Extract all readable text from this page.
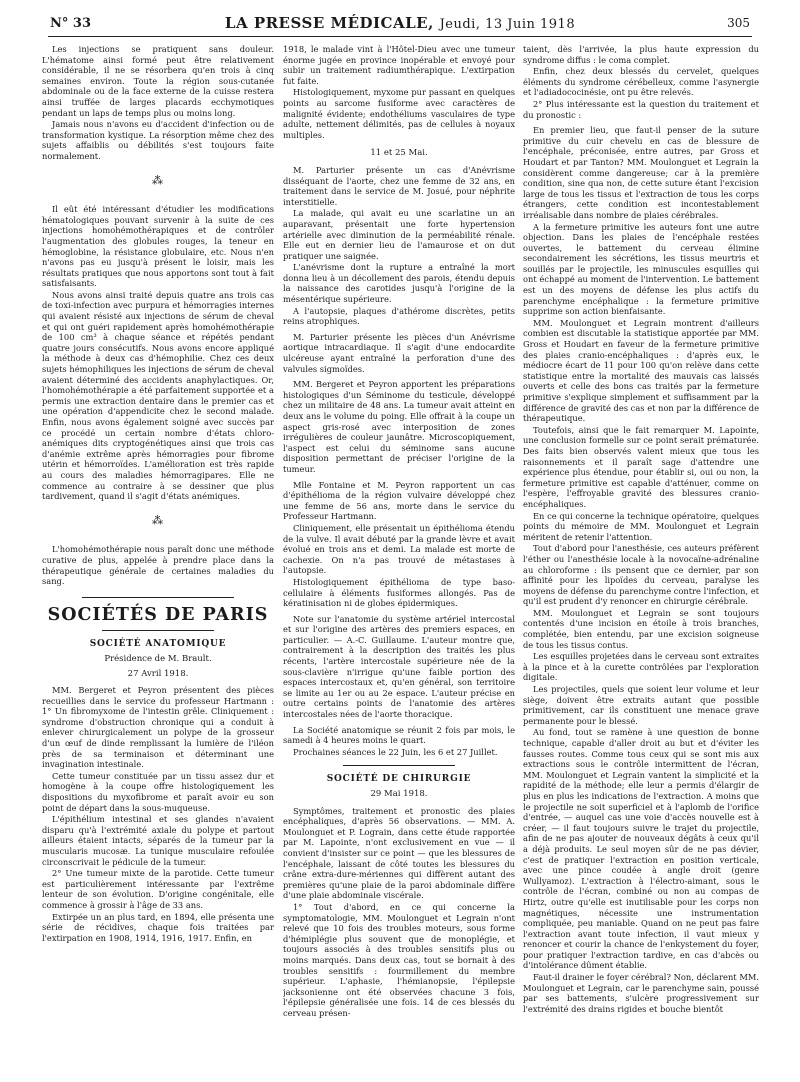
N° 33	LA PRESSE MÉDICALE, Jeudi, 13 Juin 1918	305

Les injections se pratiquent sans douleur. L'hématome ainsi formé peut être relativement considérable, il ne se résorbera qu'en trois à cinq semaines environ. Toute la région sous-cutanée abdominale ou de la face externe de la cuisse restera ainsi truffée de larges placards ecchymotiques pendant un laps de temps plus ou moins long.

Jamais nous n'avons eu d'accident d'infection ou de transformation kystique. La résorption même chez des sujets affaiblis ou débilités s'est toujours faite normalement.

⁂

Il eût été intéressant d'étudier les modifications hématologiques pouvant survenir à la suite de ces injections homohémothérapiques et de contrôler l'augmentation des globules rouges, la teneur en hémoglobine, la résistance globulaire, etc. Nous n'en n'avons pas eu jusqu'à présent le loisir, mais les résultats pratiques que nous apportons sont tout à fait satisfaisants.

Nous avons ainsi traité depuis quatre ans trois cas de toxi-infection avec purpura et hémorragies internes qui avaient résisté aux injections de sérum de cheval et qui ont guéri rapidement après homohémothérapie de 100 cm³ à chaque séance et répétés pendant quatre jours consécutifs. Nous avons encore appliqué la méthode à deux cas d'hémophilie. Chez ces deux sujets hémophiliques les injections de sérum de cheval avaient déterminé des accidents anaphylactiques. Or, l'homohémothérapie a été parfaitement supportée et a permis une extraction dentaire dans le premier cas et une opération d'appendicite chez le second malade. Enfin, nous avons également soigné avec succès par ce procédé un certain nombre d'états chloro-anémiques dits cryptogénétiques ainsi que trois cas d'anémie extrême après hémorragies pour fibrome utérin et hémorroïdes. L'amélioration est très rapide au cours des maladies hémorragipares. Elle ne commence au contraire à se dessiner que plus tardivement, quand il s'agit d'états anémiques.

⁂

L'homohémothérapie nous paraît donc une méthode curative de plus, appelée à prendre place dans la thérapeutique générale de certaines maladies du sang.

SOCIÉTÉS DE PARIS
SOCIÉTÉ ANATOMIQUE
Présidence de M. Brault.
27 Avril 1918.

MM. Bergeret et Peyron présentent des pièces recueillies dans le service du professeur Hartmann : 1° Un fibromyxome de l'intestin grêle. Cliniquement : syndrome d'obstruction chronique qui a conduit à enlever chirurgicalement un polype de la grosseur d'un œuf de dinde remplissant la lumière de l'iléon près de sa terminaison et déterminant une invagination intestinale.

Cette tumeur constituée par un tissu assez dur et homogène à la coupe offre histologiquement les dispositions du myxofibrome et paraît avoir eu son point de départ dans la sous-muqueuse.

L'épithélium intestinal et ses glandes n'avaient disparu qu'à l'extrémité axiale du polype et partout ailleurs étaient intacts, séparés de la tumeur par la muscularis mucosæ. La tunique musculaire refoulée circonscrivait le pédicule de la tumeur.

2° Une tumeur mixte de la parotide. Cette tumeur est particulièrement intéressante par l'extrême lenteur de son évolution. D'origine congénitale, elle commence à grossir à l'âge de 33 ans.

Extirpée un an plus tard, en 1894, elle présenta une série de récidives, chaque fois traitées par l'extirpation en 1908, 1914, 1916, 1917. Enfin, en

1918, le malade vint à l'Hôtel-Dieu avec une tumeur énorme jugée en province inopérable et envoyé pour subir un traitement radiumthérapique. L'extirpation fut faite.

Histologiquement, myxome pur passant en quelques points au sarcome fusiforme avec caractères de malignité évidente; endothéliums vasculaires de type adulte, nettement délimités, pas de cellules à noyaux multiples.

11 et 25 Mai.

M. Parturier présente un cas d'Anévrisme disséquant de l'aorte, chez une femme de 32 ans, en traitement dans le service de M. Josué, pour néphrite interstitielle.

La malade, qui avait eu une scarlatine un an auparavant, présentait une forte hypertension artérielle avec diminution de la perméabilité rénale. Elle eut en dernier lieu de l'amaurose et on dut pratiquer une saignée.

L'anévrisme dont la rupture a entraîné la mort donna lieu à un décollement des parois, étendu depuis la naissance des carotides jusqu'à l'origine de la mésentérique supérieure.

A l'autopsie, plaques d'athérome discrètes, petits reins atrophiques.

M. Parturier présente les pièces d'un Anévrisme aortique intracardiaque. Il s'agit d'une endocardite ulcéreuse ayant entraîné la perforation d'une des valvules sigmoïdes.

MM. Bergeret et Peyron apportent les préparations histologiques d'un Séminome du testicule, développé chez un militaire de 48 ans. La tumeur avait atteint en deux ans le volume du poing. Elle offrait à la coupe un aspect gris-rosé avec interposition de zones irrégulières de couleur jaunâtre. Microscopiquement, l'aspect est celui du séminome sans aucune disposition permettant de préciser l'origine de la tumeur.

Mlle Fontaine et M. Peyron rapportent un cas d'épithélioma de la région vulvaire développé chez une femme de 56 ans, morte dans le service du Professeur Hartmann.

Cliniquement, elle présentait un épithélioma étendu de la vulve. Il avait débuté par la grande lèvre et avait évolué en trois ans et demi. La malade est morte de cachexie. On n'a pas trouvé de métastases à l'autopsie.

Histologiquement épithélioma de type baso-cellulaire à éléments fusiformes allongés. Pas de kératinisation ni de globes épidermiques.

Note sur l'anatomie du système artériel intercostal et sur l'origine des artères des premiers espaces, en particulier. — A.-C. Guillaume. L'auteur montre que, contrairement à la description des traités les plus récents, l'artère intercostale supérieure née de la sous-clavière n'irrigue qu'une faible portion des espaces intercostaux et, qu'en général, son territoire se limite au 1er ou au 2e espace. L'auteur précise en outre certains points de l'anatomie des artères intercostales nées de l'aorte thoracique.

La Société anatomique se réunit 2 fois par mois, le samedi à 4 heures moins le quart.

Prochaines séances le 22 Juin, les 6 et 27 Juillet.

SOCIÉTÉ DE CHIRURGIE
29 Mai 1918.

Symptômes, traitement et pronostic des plaies encéphaliques, d'après 56 observations. — MM. A. Moulonguet et P. Lograin, dans cette étude rapportée par M. Lapointe, n'ont exclusivement en vue — il convient d'insister sur ce point — que les blessures de l'encéphale, laissant de côté toutes les blessures du crâne extra-dure-mériennes qui diffèrent autant des premières qu'une plaie de la paroi abdominale diffère d'une plaie abdominale viscérale.

1° Tout d'abord, en ce qui concerne la symptomatologie, MM. Moulonguet et Legrain n'ont relevé que 10 fois des troubles moteurs, sous forme d'hémiplégie plus souvent que de monoplégie, et toujours associés à des troubles sensitifs plus ou moins marqués. Dans deux cas, tout se bornait à des troubles sensitifs : fourmillement du membre supérieur. L'aphasie, l'hémianopsie, l'épilepsie jacksonienne ont été observées chacune 3 fois, l'épilepsie généralisée une fois. 14 de ces blessés du cerveau présen-

taient, dès l'arrivée, la plus haute expression du syndrome diffus : le coma complet.

Enfin, chez deux blessés du cervelet, quelques éléments du syndrome cérébelleux, comme l'asynergie et l'adiadococinésie, ont pu être relevés.

2° Plus intéressante est la question du traitement et du pronostic :

En premier lieu, que faut-il penser de la suture primitive du cuir chevelu en cas de blessure de l'encéphale, préconisée, entre autres, par Gross et Houdart et par Tanton? MM. Moulonguet et Legrain la considèrent comme dangereuse; car à la première condition, sine qua non, de cette suture étant l'excision large de tous les tissus et l'extraction de tous les corps étrangers, cette condition est incontestablement irréalisable dans nombre de plaies cérébrales.

A la fermeture primitive les auteurs font une autre objection. Dans les plaies de l'encéphale restées ouvertes, le battement du cerveau élimine secondairement les sécrétions, les tissus meurtris et souillés par le projectile, les minuscules esquilles qui ont échappé au moment de l'intervention. Le battement est un des moyens de défense les plus actifs du parenchyme encéphalique : la fermeture primitive supprime son action bienfaisante.

MM. Moulonguet et Legrain montrent d'ailleurs combien est discutable la statistique apportée par MM. Gross et Houdart en faveur de la fermeture primitive des plaies cranio-encéphaliques : d'après eux, le médiocre écart de 11 pour 100 qu'on relève dans cette statistique entre la mortalité des mauvais cas laissés ouverts et celle des bons cas traités par la fermeture primitive s'explique simplement et suffisamment par la différence de gravité des cas et non par la différence de thérapeutique.

Toutefois, ainsi que le fait remarquer M. Lapointe, une conclusion formelle sur ce point serait prématurée. Des faits bien observés valent mieux que tous les raisonnements et il paraît sage d'attendre une expérience plus étendue, pour établir si, oui ou non, la fermeture primitive est capable d'atténuer, comme on l'espère, l'effroyable gravité des blessures cranio-encéphaliques.

En ce qui concerne la technique opératoire, quelques points du mémoire de MM. Moulonguet et Legrain méritent de retenir l'attention.

Tout d'abord pour l'anesthésie, ces auteurs préfèrent l'éther ou l'anesthésie locale à la novocaïne-adrénaline au chloroforme : ils pensent que ce dernier, par son affinité pour les lipoïdes du cerveau, paralyse les moyens de défense du parenchyme contre l'infection, et qu'il est prudent d'y renoncer en chirurgie cérébrale.

MM. Moulonguet et Legrain se sont toujours contentés d'une incision en étoile à trois branches, complétée, bien entendu, par une excision soigneuse de tous les tissus contus.

Les esquilles projetées dans le cerveau sont extraites à la pince et à la curette contrôlées par l'exploration digitale.

Les projectiles, quels que soient leur volume et leur siège, doivent être extraits autant que possible primitivement, car ils constituent une menace grave permanente pour le blessé.

Au fond, tout se ramène à une question de bonne technique, capable d'aller droit au but et d'éviter les fausses routes. Comme tous ceux qui se sont mis aux extractions sous le contrôle intermittent de l'écran, MM. Moulonguet et Legrain vantent la simplicité et la rapidité de la méthode; elle leur a permis d'élargir de plus en plus les indications de l'extraction. A moins que le projectile ne soit superficiel et à l'aplomb de l'orifice d'entrée, — auquel cas une voie d'accès nouvelle est à créer, — il faut toujours suivre le trajet du projectile, afin de ne pas ajouter de nouveaux dégâts à ceux qu'il a déjà produits. Le seul moyen sûr de ne pas dévier, c'est de pratiquer l'extraction en position verticale, avec une pince coudée à angle droit (genre Wullyamoz). L'extraction à l'électro-aimant, sous le contrôle de l'écran, combiné ou non au compas de Hirtz, outre qu'elle est inutilisable pour les corps non magnétiques, nécessite une instrumentation compliquée, peu maniable. Quand on ne peut pas faire l'extraction avant toute infection, il vaut mieux y renoncer et courir la chance de l'enkystement du foyer, pour pratiquer l'extraction tardive, en cas d'abcès ou d'intolérance dûment établie.

Faut-il drainer le foyer cérébral? Non, déclarent MM. Moulonguet et Legrain, car le parenchyme sain, poussé par ses battements, s'ulcère progressivement sur l'extrémité des drains rigides et bouche bientôt
